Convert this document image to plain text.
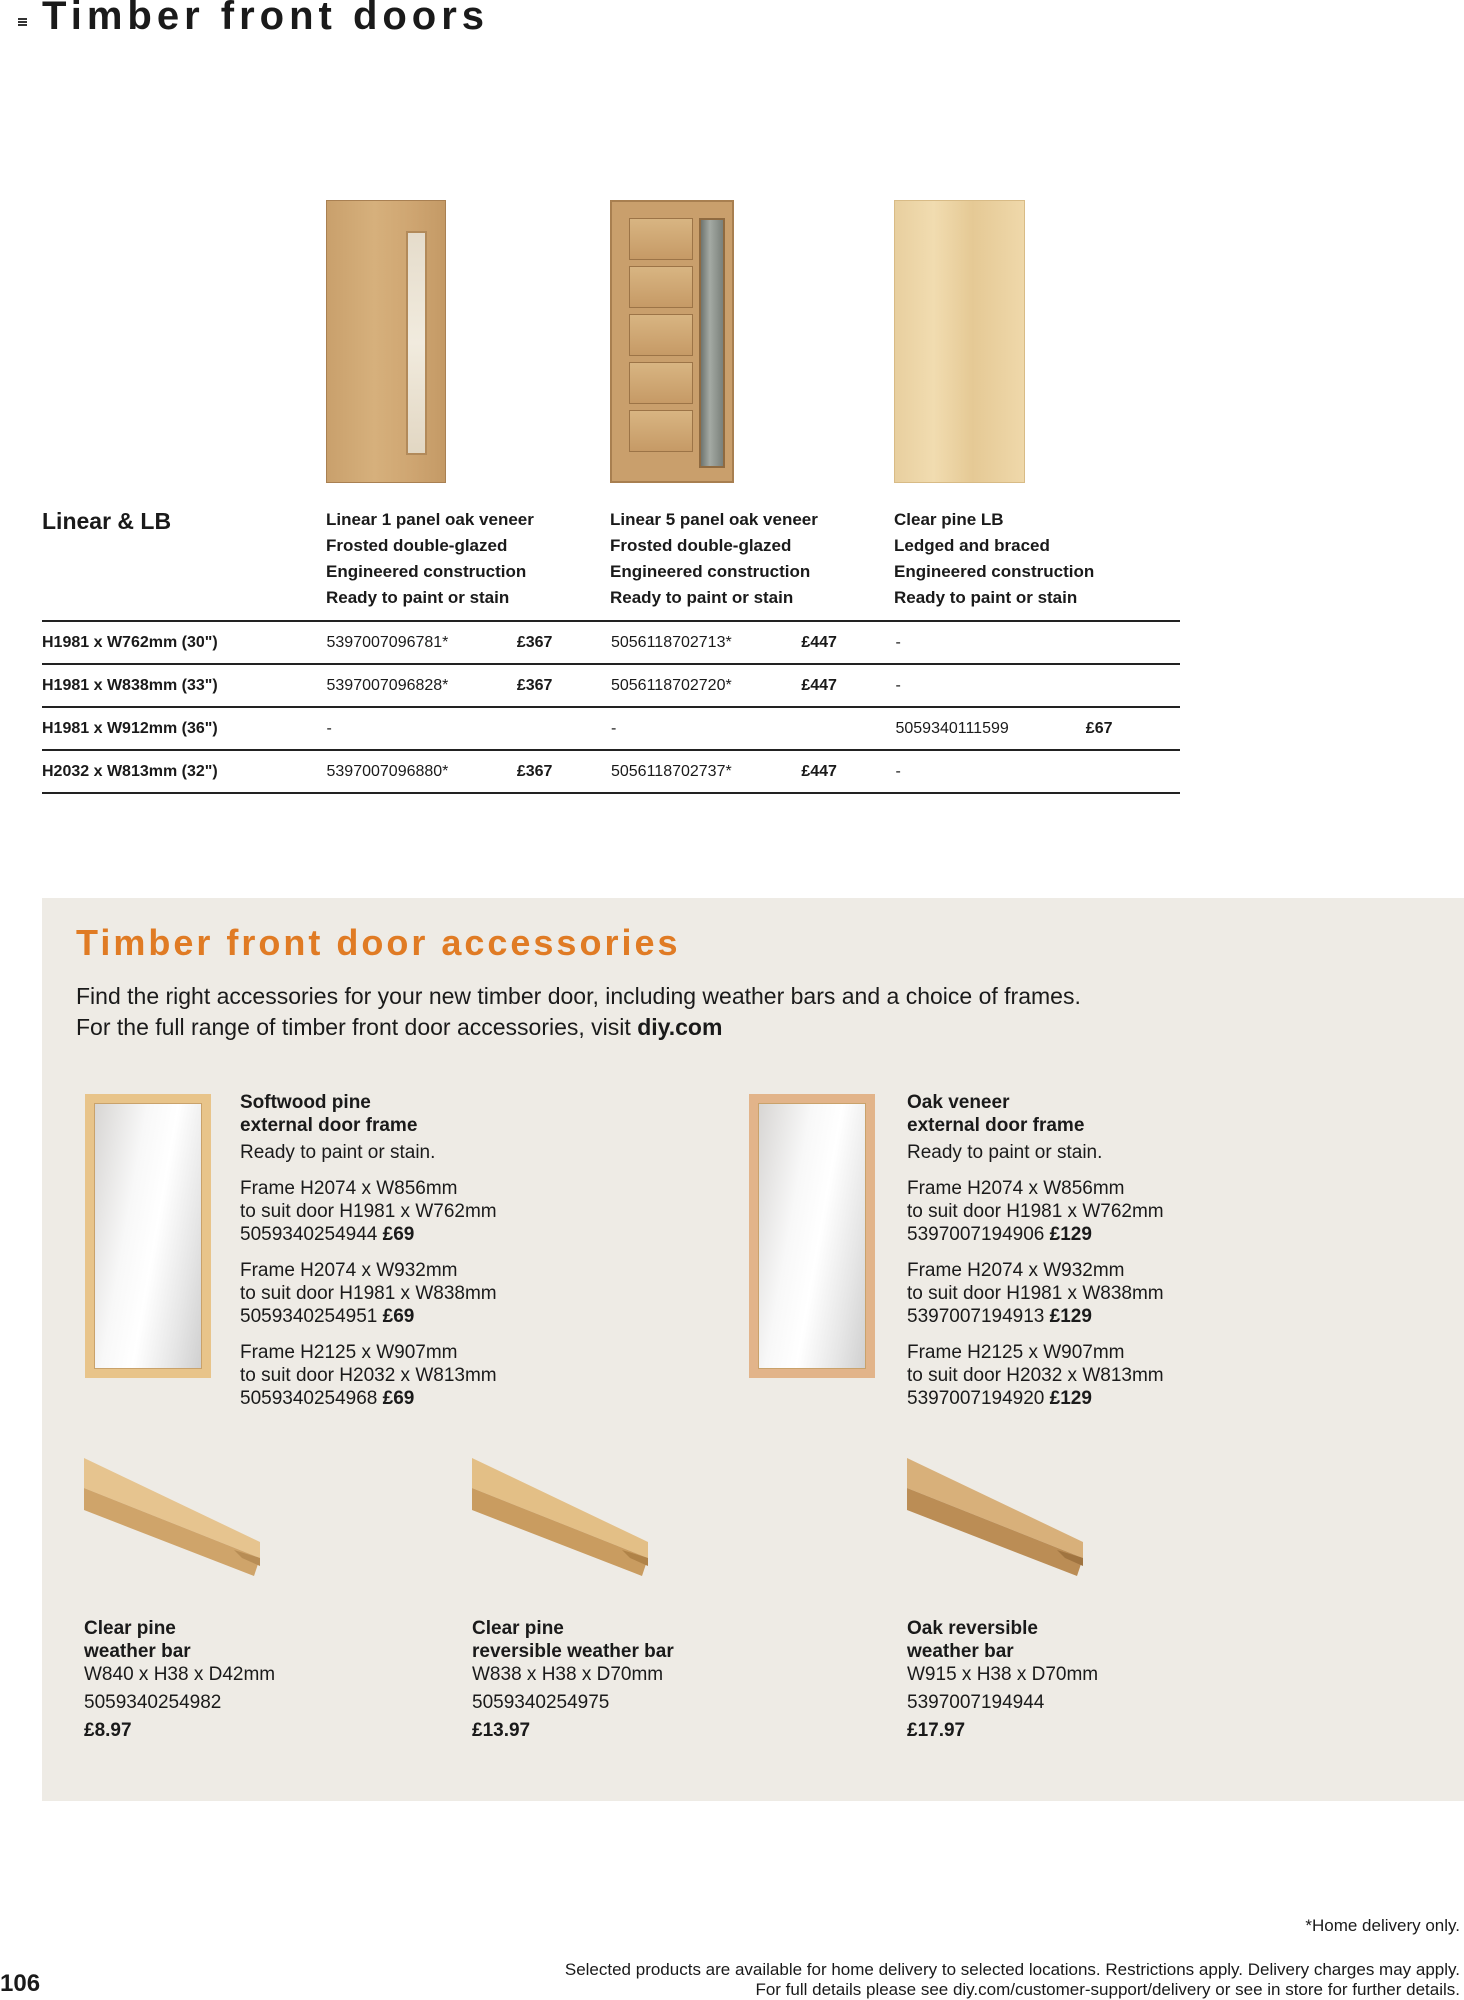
Timber front doors
Linear & LB	Linear 1 panel oak veneer
Frosted double-glazed
Engineered construction
Ready to paint or stain
Linear 5 panel oak veneer
Frosted double-glazed
Engineered construction
Ready to paint or stain
Clear pine LB
Ledged and braced
Engineered construction
Ready to paint or stain
H1981 x W762mm (30")	5397007096781*	£367	5056118702713*	£447	-	
H1981 x W838mm (33")	5397007096828*	£367	5056118702720*	£447	-	
H1981 x W912mm (36")	-		-		5059340111599	£67
H2032 x W813mm (32")	5397007096880*	£367	5056118702737*	£447	-	
Timber front door accessories
Find the right accessories for your new timber door, including weather bars and a choice of frames.
For the full range of timber front door accessories, visit diy.com
Softwood pine
external door frame
Ready to paint or stain.
Frame H2074 x W856mm
to suit door H1981 x W762mm
5059340254944 £69
Frame H2074 x W932mm
to suit door H1981 x W838mm
5059340254951 £69
Frame H2125 x W907mm
to suit door H2032 x W813mm
5059340254968 £69
Oak veneer
external door frame
Ready to paint or stain.
Frame H2074 x W856mm
to suit door H1981 x W762mm
5397007194906 £129
Frame H2074 x W932mm
to suit door H1981 x W838mm
5397007194913 £129
Frame H2125 x W907mm
to suit door H2032 x W813mm
5397007194920 £129
Clear pine
weather bar
W840 x H38 x D42mm
5059340254982
£8.97
Clear pine
reversible weather bar
W838 x H38 x D70mm
5059340254975
£13.97
Oak reversible
weather bar
W915 x H38 x D70mm
5397007194944
£17.97
*Home delivery only.
Selected products are available for home delivery to selected locations. Restrictions apply. Delivery charges may apply.
For full details please see diy.com/customer-support/delivery or see in store for further details.
106
